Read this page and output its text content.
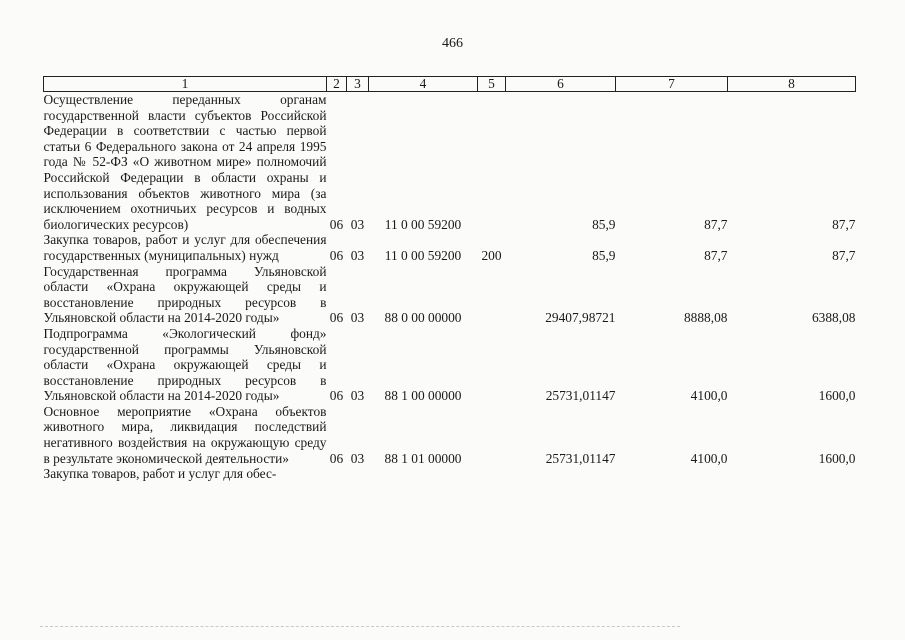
466
1	2	3	4	5	6	7	8
Осуществление переданных органам государственной власти субъектов Российской Федерации в соответствии с частью первой статьи 6 Федерального закона от 24 апреля 1995 года № 52-ФЗ «О животном мире» полномочий Российской Федерации в области охраны и использования объектов животного мира (за исключением охотничьих ресурсов и водных биологических ресурсов)	06	03	11 0 00 59200		85,9	87,7	87,7
Закупка товаров, работ и услуг для обеспечения государственных (муниципальных) нужд	06	03	11 0 00 59200	200	85,9	87,7	87,7
Государственная программа Ульяновской области «Охрана окружающей среды и восстановление природных ресурсов в Ульяновской области на 2014-2020 годы»	06	03	88 0 00 00000		29407,98721	8888,08	6388,08
Подпрограмма «Экологический фонд» государственной программы Ульяновской области «Охрана окружающей среды и восстановление природных ресурсов в Ульяновской области на 2014-2020 годы»	06	03	88 1 00 00000		25731,01147	4100,0	1600,0
Основное мероприятие «Охрана объектов животного мира, ликвидация последствий негативного воздействия на окружающую среду в результате экономической деятельности»	06	03	88 1 01 00000		25731,01147	4100,0	1600,0
Закупка товаров, работ и услуг для обес-							
